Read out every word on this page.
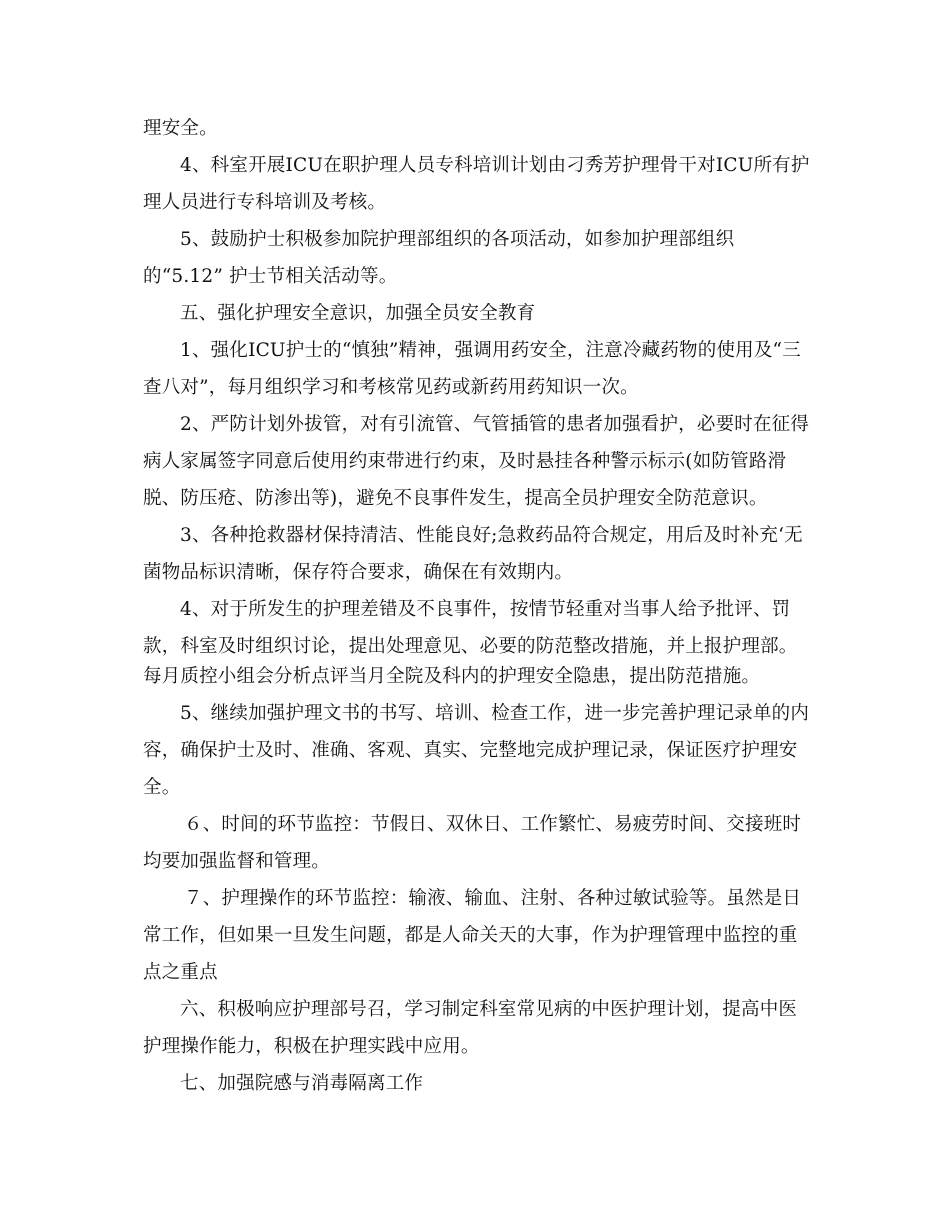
理安全。
4、科室开展ICU在职护理人员专科培训计划由刁秀芳护理骨干对ICU所有护
理人员进行专科培训及考核。
5、鼓励护士积极参加院护理部组织的各项活动，如参加护理部组织
的“5.12” 护士节相关活动等。
五、强化护理安全意识，加强全员安全教育
1、强化ICU护士的“慎独”精神，强调用药安全，注意冷藏药物的使用及“三
查八对”，每月组织学习和考核常见药或新药用药知识一次。
2、严防计划外拔管，对有引流管、气管插管的患者加强看护，必要时在征得
病人家属签字同意后使用约束带进行约束，及时悬挂各种警示标示(如防管路滑
脱、防压疮、防渗出等)，避免不良事件发生，提高全员护理安全防范意识。
3、各种抢救器材保持清洁、性能良好;急救药品符合规定，用后及时补充‘无
菌物品标识清晰，保存符合要求，确保在有效期内。
4、对于所发生的护理差错及不良事件，按情节轻重对当事人给予批评、罚
款，科室及时组织讨论，提出处理意见、必要的防范整改措施，并上报护理部。
每月质控小组会分析点评当月全院及科内的护理安全隐患，提出防范措施。
5、继续加强护理文书的书写、培训、检查工作，进一步完善护理记录单的内
容，确保护士及时、准确、客观、真实、完整地完成护理记录，保证医疗护理安
全。
６、时间的环节监控：节假日、双休日、工作繁忙、易疲劳时间、交接班时
均要加强监督和管理。
７、护理操作的环节监控：输液、输血、注射、各种过敏试验等。虽然是日
常工作，但如果一旦发生问题，都是人命关天的大事，作为护理管理中监控的重
点之重点
六、积极响应护理部号召，学习制定科室常见病的中医护理计划，提高中医
护理操作能力，积极在护理实践中应用。
七、加强院感与消毒隔离工作
